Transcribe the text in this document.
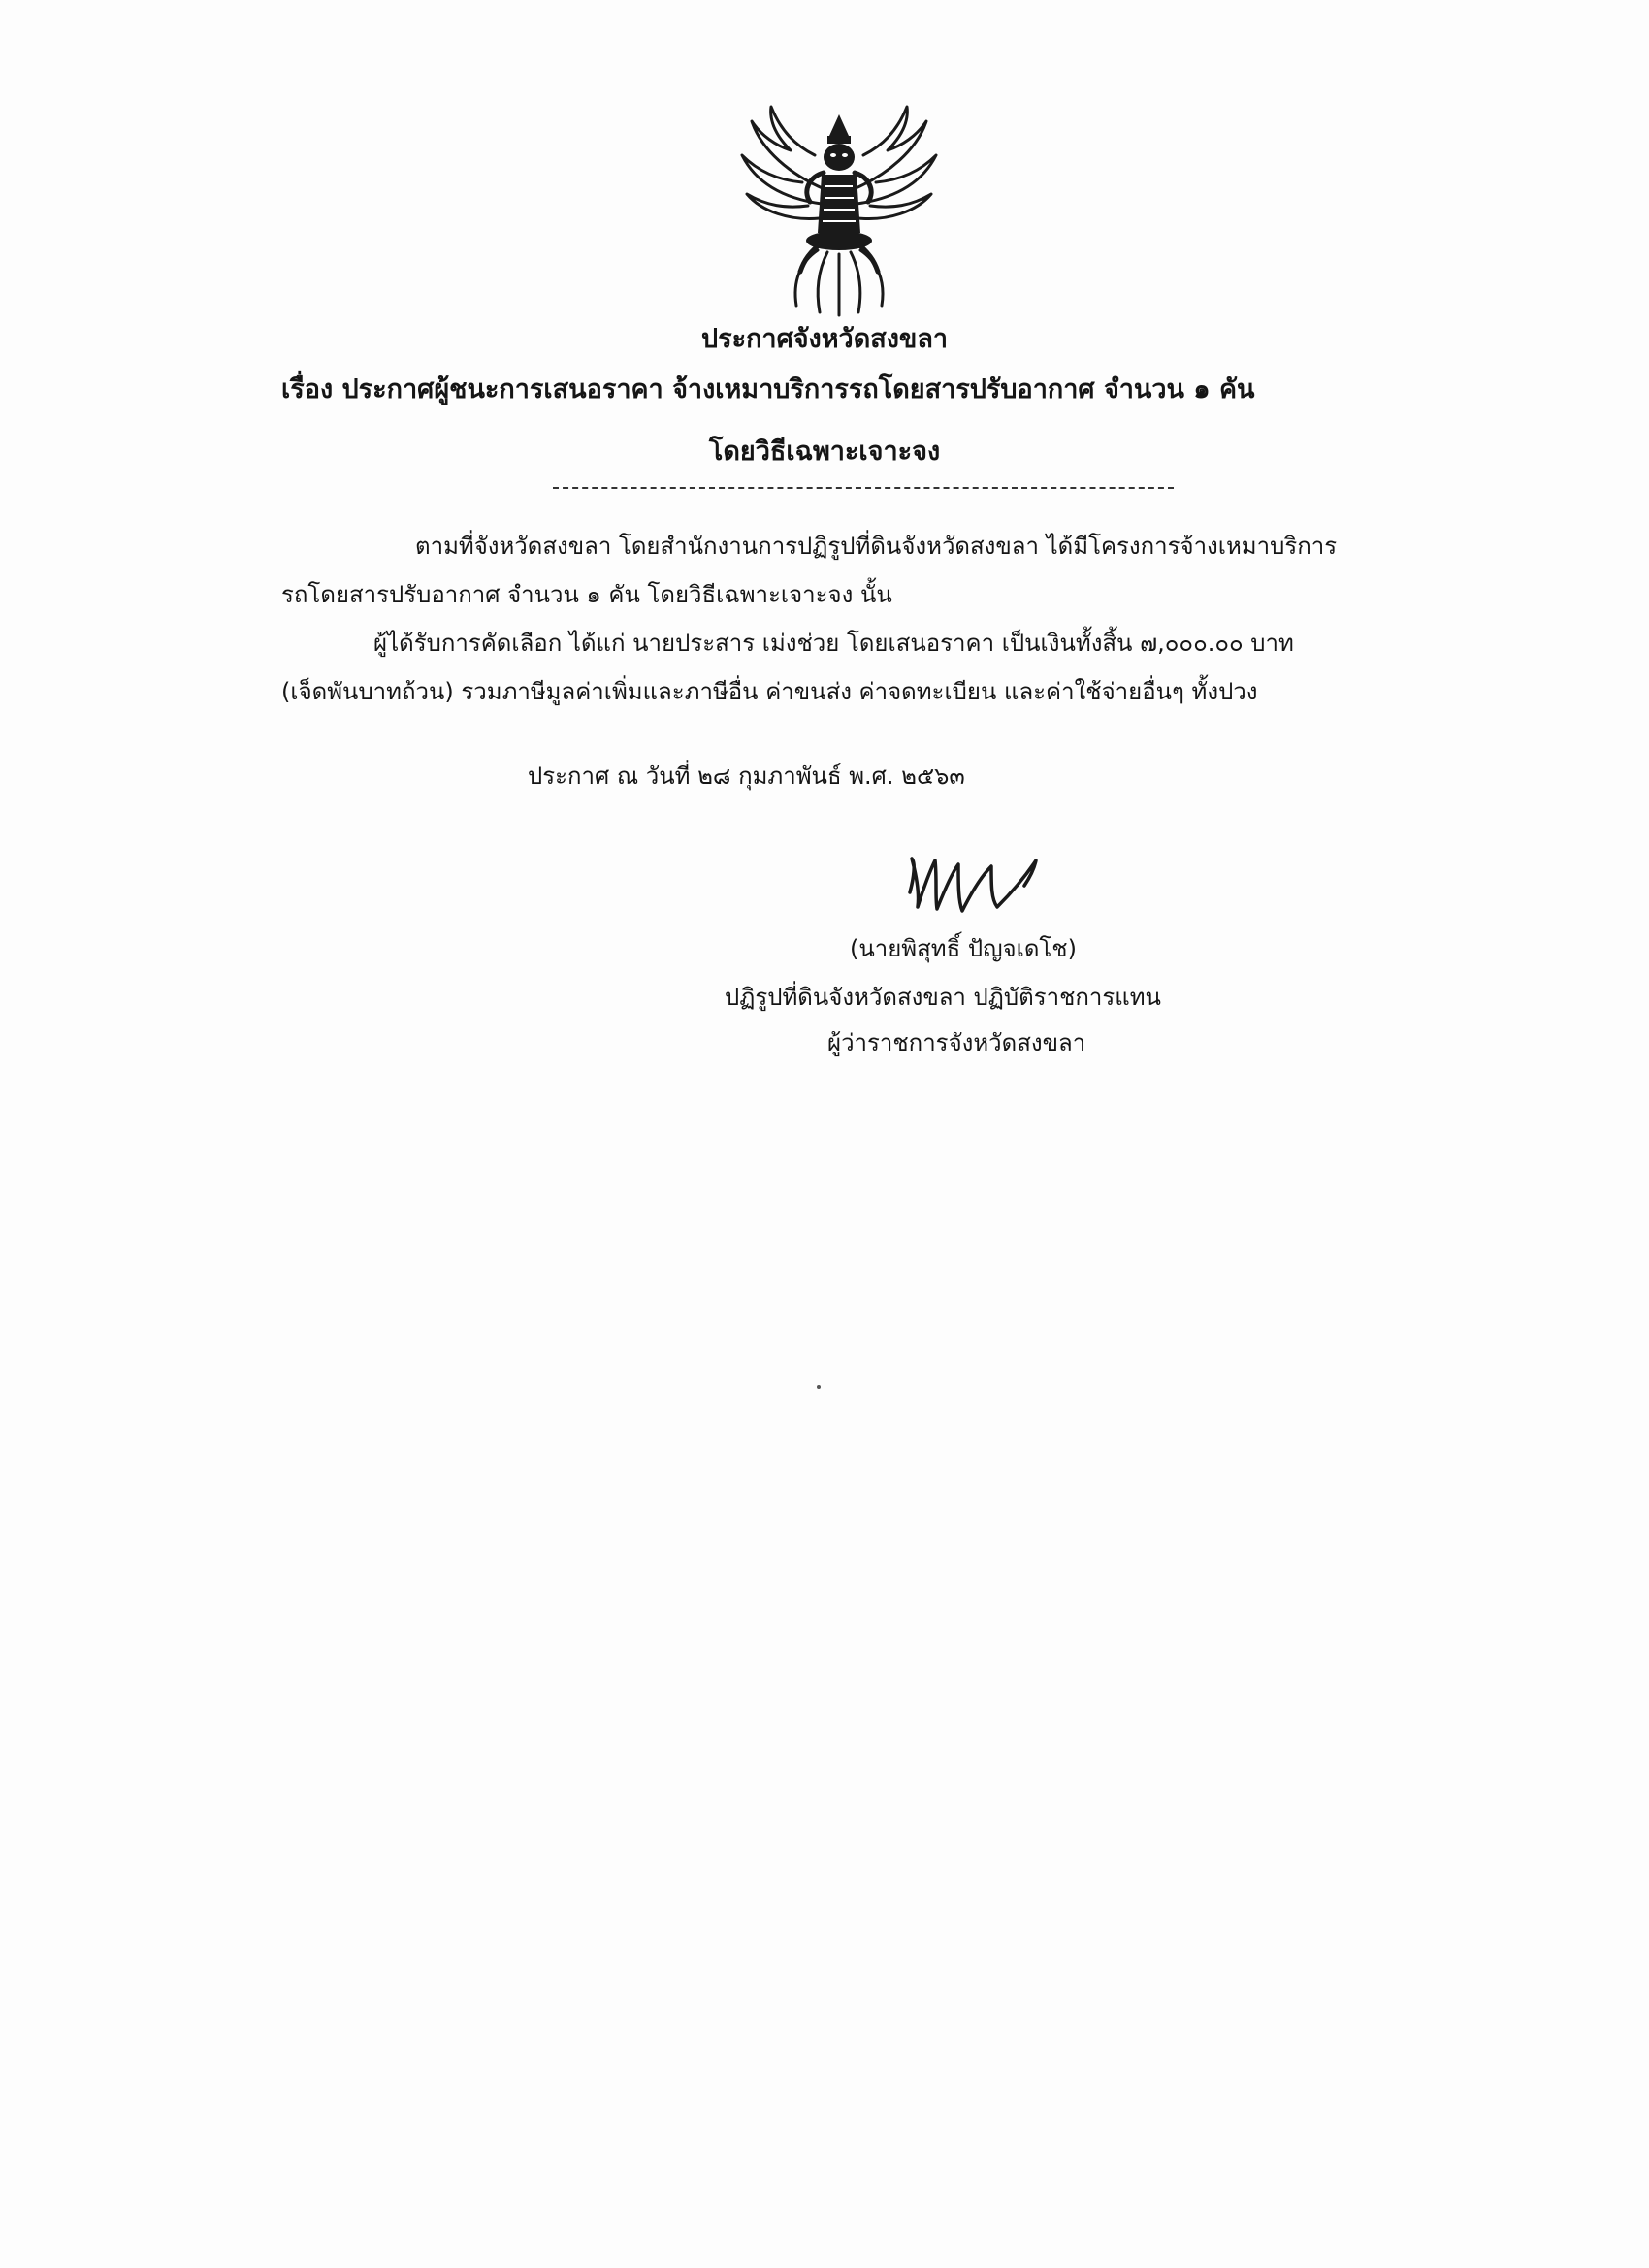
ประกาศจังหวัดสงขลา
เรื่อง ประกาศผู้ชนะการเสนอราคา จ้างเหมาบริการรถโดยสารปรับอากาศ จำนวน ๑ คัน
โดยวิธีเฉพาะเจาะจง
ตามที่จังหวัดสงขลา โดยสำนักงานการปฏิรูปที่ดินจังหวัดสงขลา ได้มีโครงการจ้างเหมาบริการ
รถโดยสารปรับอากาศ จำนวน ๑ คัน โดยวิธีเฉพาะเจาะจง นั้น
ผู้ได้รับการคัดเลือก ได้แก่ นายประสาร เม่งช่วย โดยเสนอราคา เป็นเงินทั้งสิ้น ๗,๐๐๐.๐๐ บาท
(เจ็ดพันบาทถ้วน) รวมภาษีมูลค่าเพิ่มและภาษีอื่น ค่าขนส่ง ค่าจดทะเบียน และค่าใช้จ่ายอื่นๆ ทั้งปวง
ประกาศ ณ วันที่ ๒๘ กุมภาพันธ์ พ.ศ. ๒๕๖๓
(นายพิสุทธิ์ ปัญจเดโช)
ปฏิรูปที่ดินจังหวัดสงขลา ปฏิบัติราชการแทน
ผู้ว่าราชการจังหวัดสงขลา
